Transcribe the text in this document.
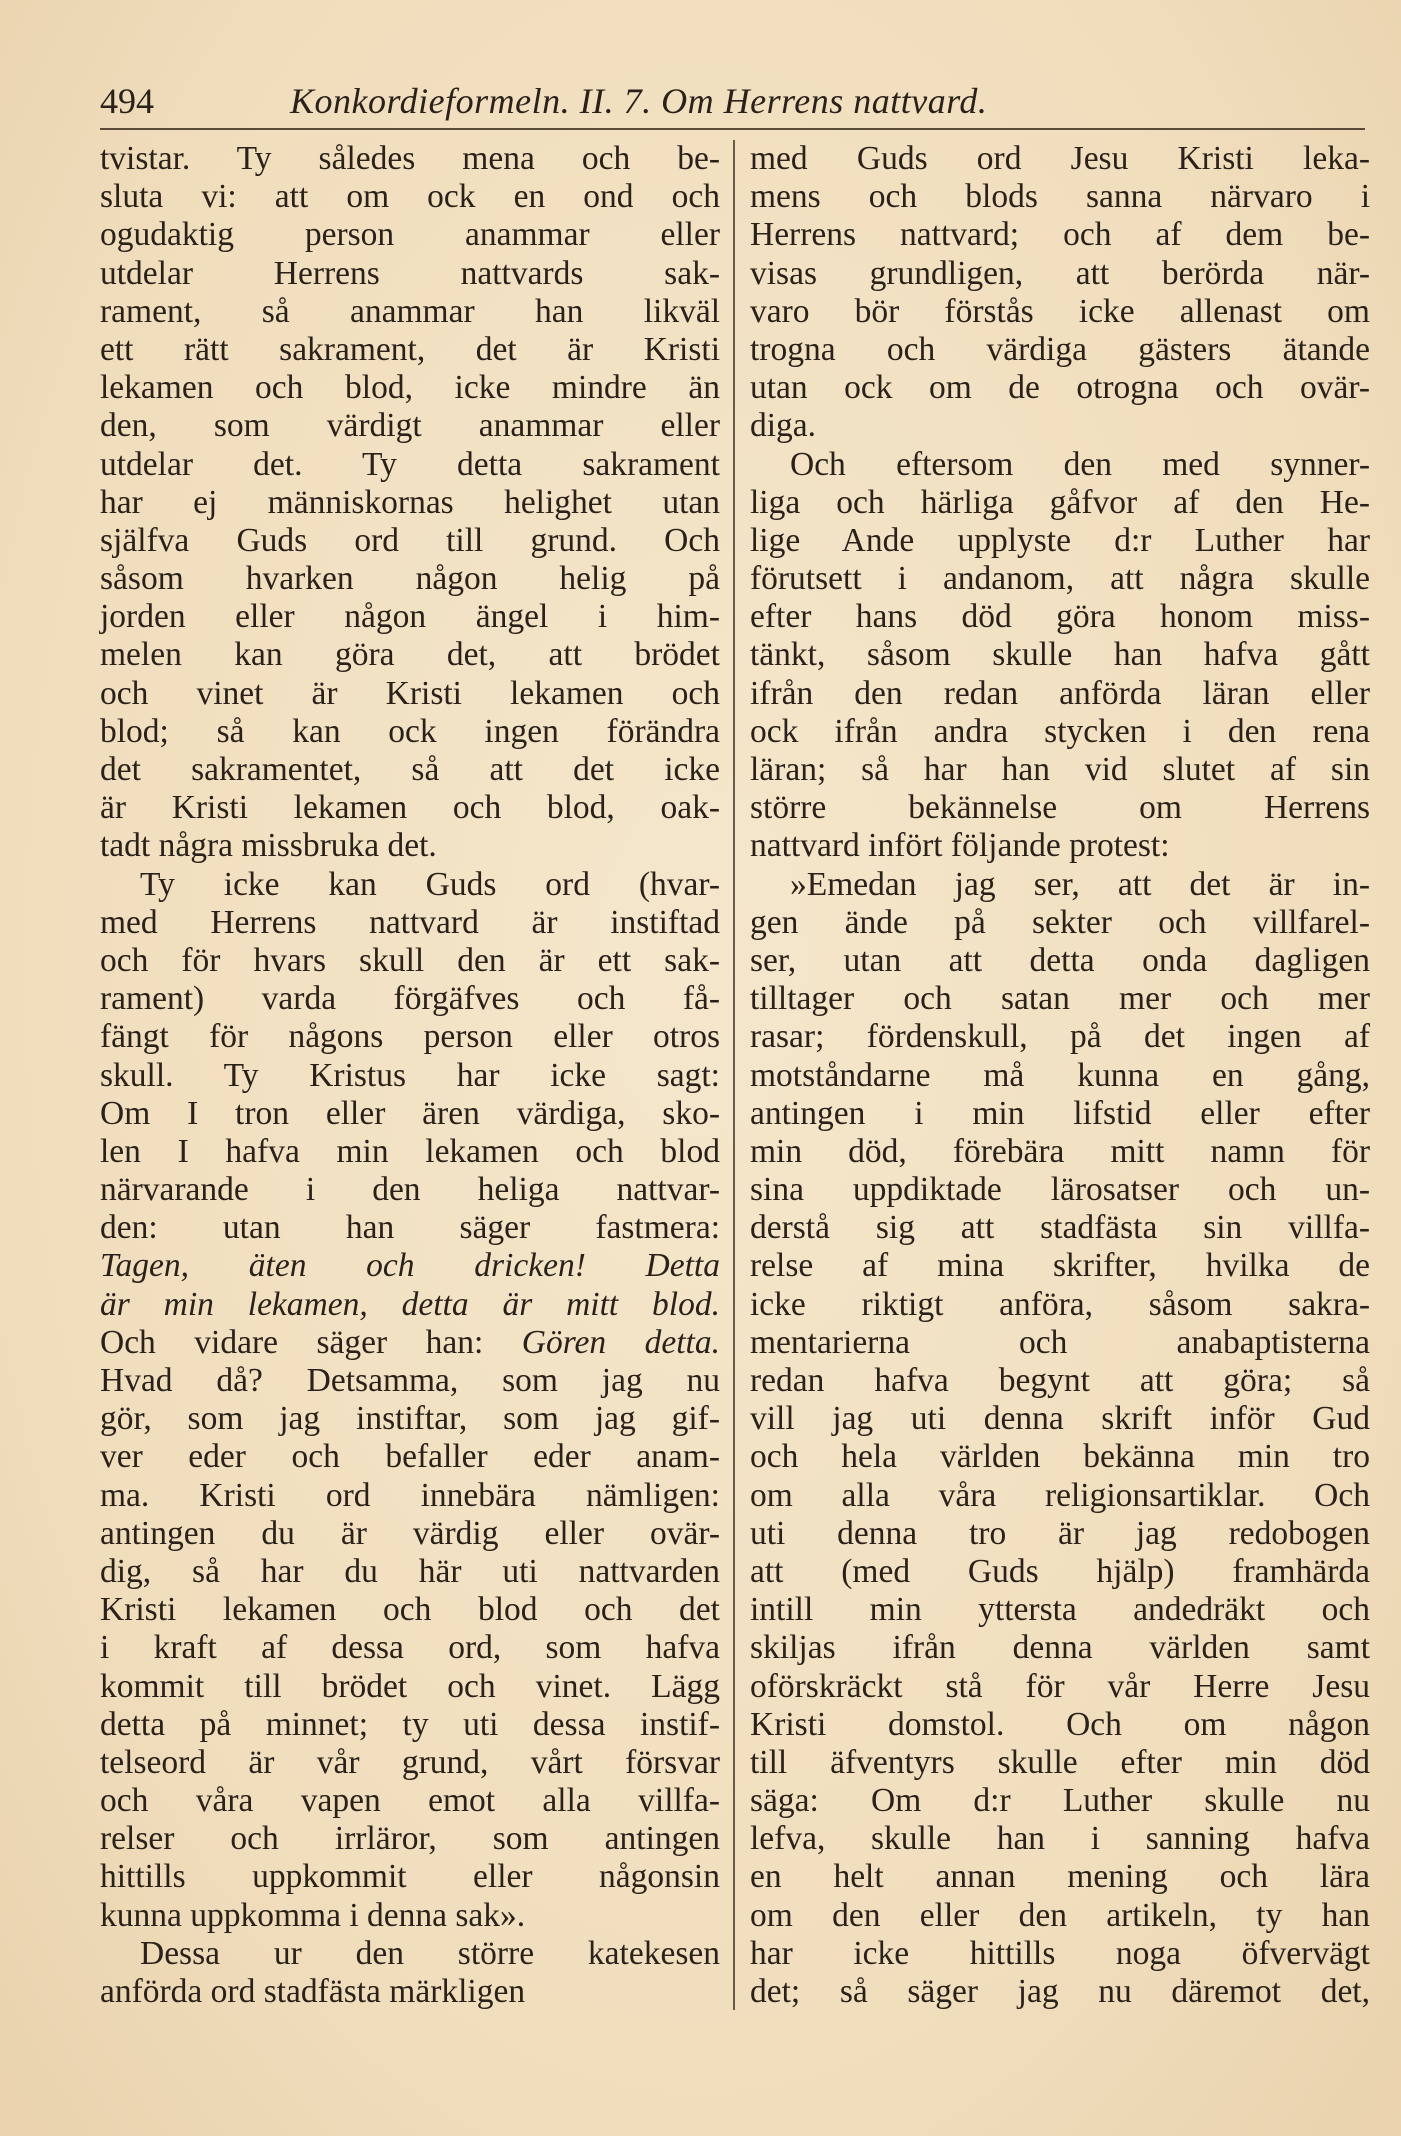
494	Konkordieformeln. II. 7. Om Herrens nattvard.
tvistar. Ty således mena och be-
sluta vi: att om ock en ond och
ogudaktig person anammar eller
utdelar Herrens nattvards sak-
rament, så anammar han likväl
ett rätt sakrament, det är Kristi
lekamen och blod, icke mindre än
den, som värdigt anammar eller
utdelar det. Ty detta sakrament
har ej människornas helighet utan
själfva Guds ord till grund. Och
såsom hvarken någon helig på
jorden eller någon ängel i him-
melen kan göra det, att brödet
och vinet är Kristi lekamen och
blod; så kan ock ingen förändra
det sakramentet, så att det icke
är Kristi lekamen och blod, oak-
tadt några missbruka det.
Ty icke kan Guds ord (hvar-
med Herrens nattvard är instiftad
och för hvars skull den är ett sak-
rament) varda förgäfves och få-
fängt för någons person eller otros
skull. Ty Kristus har icke sagt:
Om I tron eller ären värdiga, sko-
len I hafva min lekamen och blod
närvarande i den heliga nattvar-
den: utan han säger fastmera:
Tagen, äten och dricken! Detta
är min lekamen, detta är mitt blod.
Och vidare säger han: Gören detta.
Hvad då? Detsamma, som jag nu
gör, som jag instiftar, som jag gif-
ver eder och befaller eder anam-
ma. Kristi ord innebära nämligen:
antingen du är värdig eller ovär-
dig, så har du här uti nattvarden
Kristi lekamen och blod och det
i kraft af dessa ord, som hafva
kommit till brödet och vinet. Lägg
detta på minnet; ty uti dessa instif-
telseord är vår grund, vårt försvar
och våra vapen emot alla villfa-
relser och irrläror, som antingen
hittills uppkommit eller någonsin
kunna uppkomma i denna sak».
Dessa ur den större katekesen
anförda ord stadfästa märkligen
med Guds ord Jesu Kristi leka-
mens och blods sanna närvaro i
Herrens nattvard; och af dem be-
visas grundligen, att berörda när-
varo bör förstås icke allenast om
trogna och värdiga gästers ätande
utan ock om de otrogna och ovär-
diga.
Och eftersom den med synner-
liga och härliga gåfvor af den He-
lige Ande upplyste d:r Luther har
förutsett i andanom, att några skulle
efter hans död göra honom miss-
tänkt, såsom skulle han hafva gått
ifrån den redan anförda läran eller
ock ifrån andra stycken i den rena
läran; så har han vid slutet af sin
större bekännelse om Herrens
nattvard infört följande protest:
»Emedan jag ser, att det är in-
gen ände på sekter och villfarel-
ser, utan att detta onda dagligen
tilltager och satan mer och mer
rasar; fördenskull, på det ingen af
motståndarne må kunna en gång,
antingen i min lifstid eller efter
min död, förebära mitt namn för
sina uppdiktade lärosatser och un-
derstå sig att stadfästa sin villfa-
relse af mina skrifter, hvilka de
icke riktigt anföra, såsom sakra-
mentarierna och anabaptisterna
redan hafva begynt att göra; så
vill jag uti denna skrift inför Gud
och hela världen bekänna min tro
om alla våra religionsartiklar. Och
uti denna tro är jag redobogen
att (med Guds hjälp) framhärda
intill min yttersta andedräkt och
skiljas ifrån denna världen samt
oförskräckt stå för vår Herre Jesu
Kristi domstol. Och om någon
till äfventyrs skulle efter min död
säga: Om d:r Luther skulle nu
lefva, skulle han i sanning hafva
en helt annan mening och lära
om den eller den artikeln, ty han
har icke hittills noga öfvervägt
det; så säger jag nu däremot det,
